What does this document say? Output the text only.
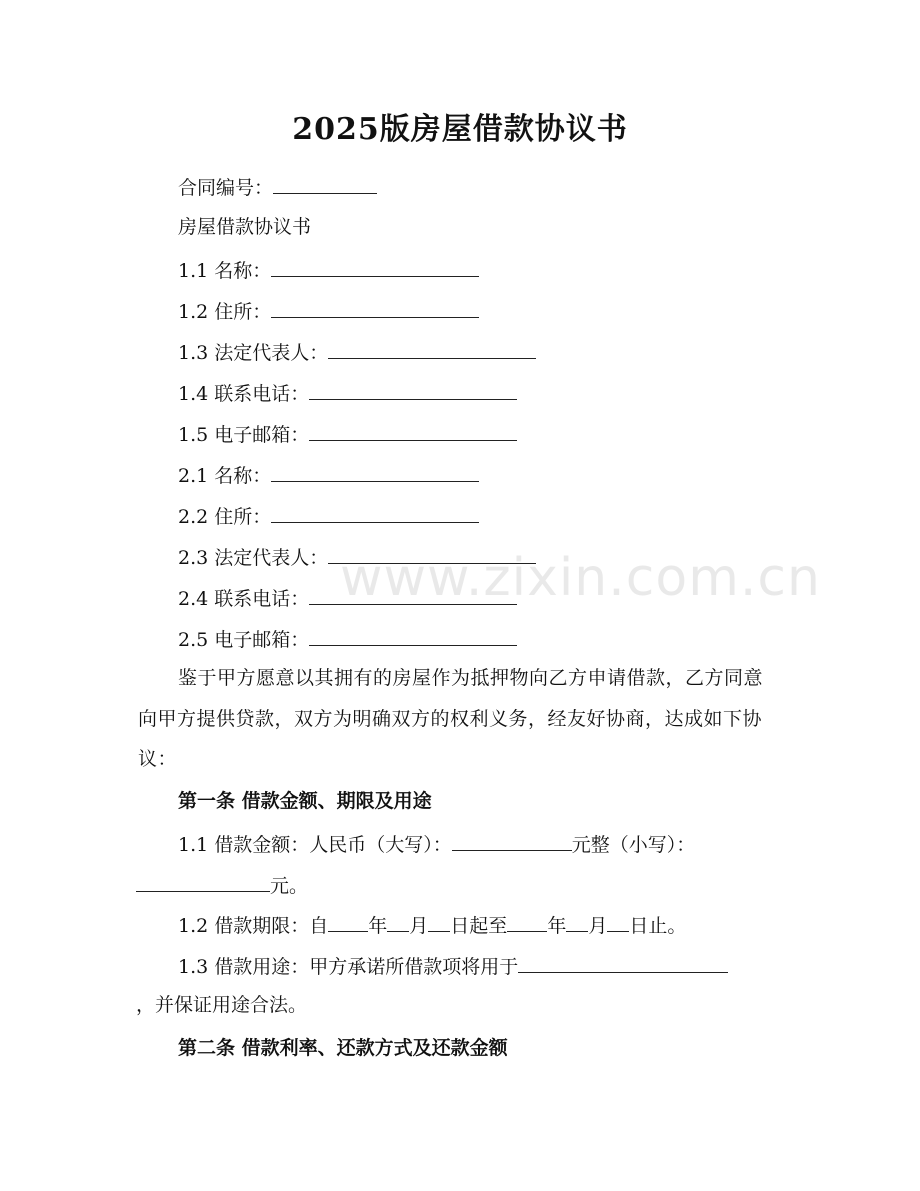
2025版房屋借款协议书
合同编号：
房屋借款协议书
1.1 名称：
1.2 住所：
1.3 法定代表人：
1.4 联系电话：
1.5 电子邮箱：
2.1 名称：
2.2 住所：
2.3 法定代表人：
2.4 联系电话：
2.5 电子邮箱：
鉴于甲方愿意以其拥有的房屋作为抵押物向乙方申请借款，乙方同意向甲方提供贷款，双方为明确双方的权利义务，经友好协商，达成如下协议：
第一条 借款金额、期限及用途
1.1 借款金额：人民币（大写）：	元整（小写）：
元。
1.2 借款期限：自 年 月 日起至 年 月 日止。
1.3 借款用途：甲方承诺所借款项将用于
，并保证用途合法。
第二条 借款利率、还款方式及还款金额
www.zixin.com.cn
